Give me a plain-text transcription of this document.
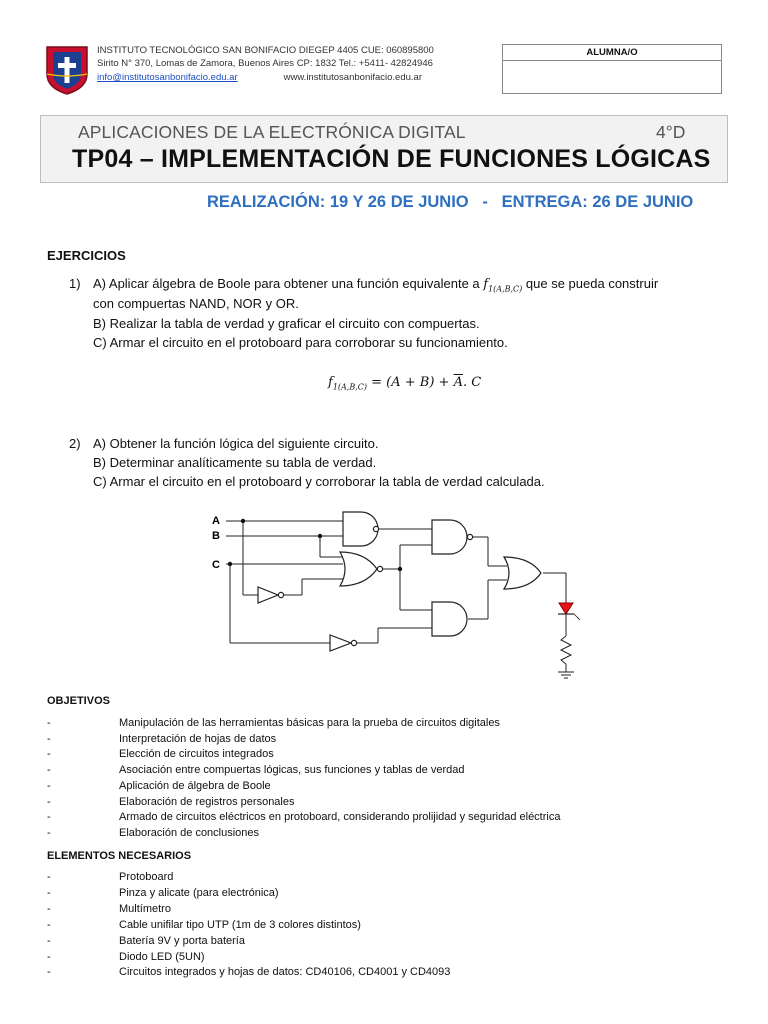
INSTITUTO TECNOLÓGICO SAN BONIFACIO DIEGEP 4405 CUE: 060895800
Sirito N° 370, Lomas de Zamora, Buenos Aires CP: 1832 Tel.: +5411- 42824946
info@institutosanbonifacio.edu.ar	www.institutosanbonifacio.edu.ar
ALUMNA/O
APLICACIONES DE LA ELECTRÓNICA DIGITAL	4°D
TP04 – IMPLEMENTACIÓN DE FUNCIONES LÓGICAS
REALIZACIÓN: 19 Y 26 DE JUNIO   -   ENTREGA: 26 DE JUNIO
EJERCICIOS
1) A) Aplicar álgebra de Boole para obtener una función equivalente a $f_{1(A,B,C)}$ que se pueda construir
con compuertas NAND, NOR y OR.
B) Realizar la tabla de verdad y graficar el circuito con compuertas.
C) Armar el circuito en el protoboard para corroborar su funcionamiento.
$f_{1(A,B,C)} = (A + B) + \overline{A}$. C
2) A) Obtener la función lógica del siguiente circuito.
B) Determinar analíticamente su tabla de verdad.
C) Armar el circuito en el protoboard y corroborar la tabla de verdad calculada.
A
B
C
OBJETIVOS
-	Manipulación de las herramientas básicas para la prueba de circuitos digitales
-	Interpretación de hojas de datos
-	Elección de circuitos integrados
-	Asociación entre compuertas lógicas, sus funciones y tablas de verdad
-	Aplicación de álgebra de Boole
-	Elaboración de registros personales
-	Armado de circuitos eléctricos en protoboard, considerando prolijidad y seguridad eléctrica
-	Elaboración de conclusiones
ELEMENTOS NECESARIOS
-	Protoboard
-	Pinza y alicate (para electrónica)
-	Multímetro
-	Cable unifilar tipo UTP (1m de 3 colores distintos)
-	Batería 9V y porta batería
-	Diodo LED (5UN)
-	Circuitos integrados y hojas de datos: CD40106, CD4001 y CD4093
